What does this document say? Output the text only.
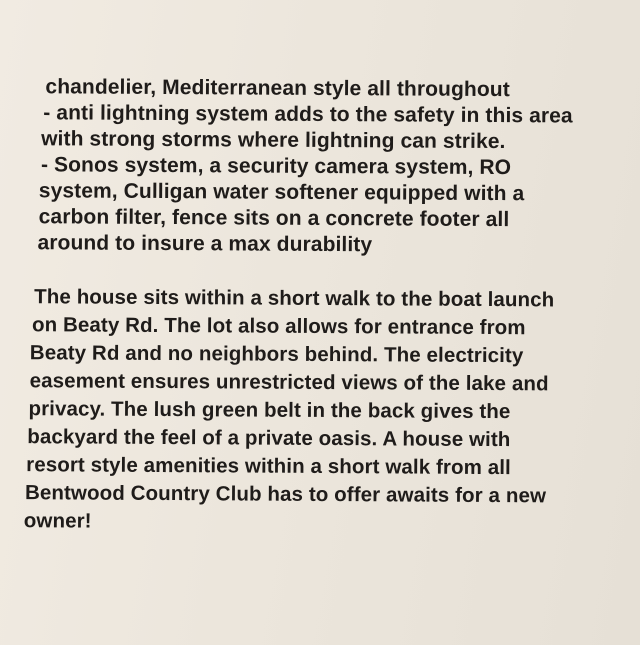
chandelier, Mediterranean style all throughout
- anti lightning system adds to the safety in this area
with strong storms where lightning can strike.
- Sonos system, a security camera system, RO
system, Culligan water softener equipped with a
carbon filter, fence sits on a concrete footer all
around to insure a max durability
The house sits within a short walk to the boat launch
on Beaty Rd. The lot also allows for entrance from
Beaty Rd and no neighbors behind. The electricity
easement ensures unrestricted views of the lake and
privacy. The lush green belt in the back gives the
backyard the feel of a private oasis. A house with
resort style amenities within a short walk from all
Bentwood Country Club has to offer awaits for a new
owner!
